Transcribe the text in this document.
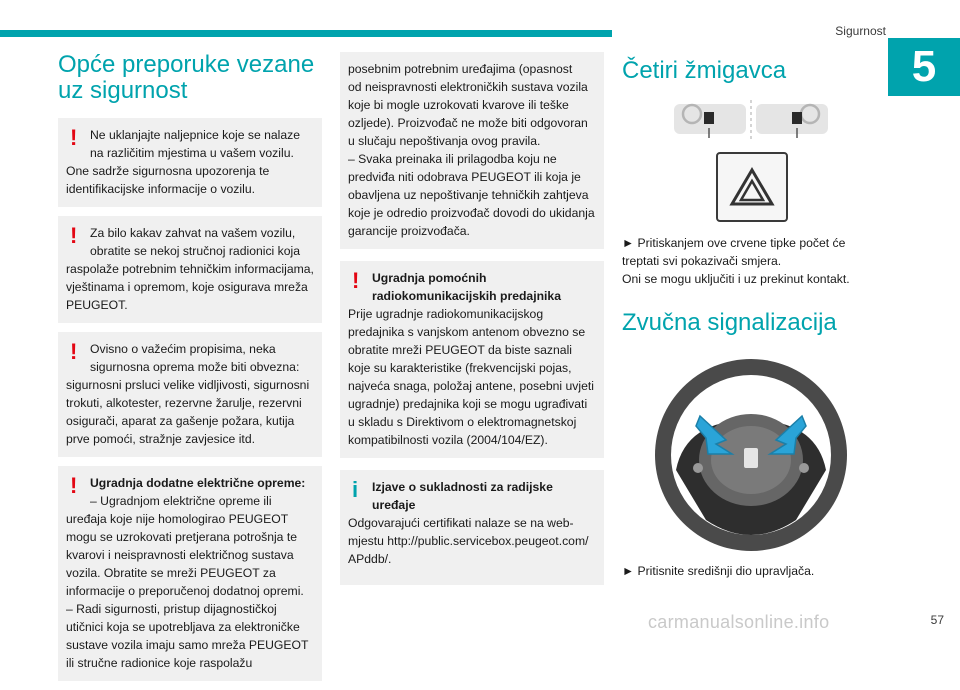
Sigurnost
5
Opće preporuke vezane
uz sigurnost
!	Ne uklanjajte naljepnice koje se nalaze
na različitim mjestima u vašem vozilu.
One sadrže sigurnosna upozorenja te
identifikacijske informacije o vozilu.
!	Za bilo kakav zahvat na vašem vozilu,
obratite se nekoj stručnoj radionici koja
raspolaže potrebnim tehničkim informacijama,
vještinama i opremom, koje osigurava mreža
PEUGEOT.
!	Ovisno o važećim propisima, neka
sigurnosna oprema može biti obvezna:
sigurnosni prsluci velike vidljivosti, sigurnosni
trokuti, alkotester, rezervne žarulje, rezervni
osigurači, aparat za gašenje požara, kutija
prve pomoći, stražnje zavjesice itd.
!	Ugradnja dodatne električne opreme:
– Ugradnjom električne opreme ili
uređaja koje nije homologirao PEUGEOT
mogu se uzrokovati pretjerana potrošnja te
kvarovi i neispravnosti električnog sustava
vozila. Obratite se mreži PEUGEOT za
informacije o preporučenoj dodatnoj opremi.
– Radi sigurnosti, pristup dijagnostičkoj
utičnici koja se upotrebljava za elektroničke
sustave vozila imaju samo mreža PEUGEOT
ili stručne radionice koje raspolažu
posebnim potrebnim uređajima (opasnost
od neispravnosti elektroničkih sustava vozila
koje bi mogle uzrokovati kvarove ili teške
ozljede). Proizvođač ne može biti odgovoran
u slučaju nepoštivanja ovog pravila.
– Svaka preinaka ili prilagodba koju ne
predviđa niti odobrava PEUGEOT ili koja je
obavljena uz nepoštivanje tehničkih zahtjeva
koje je odredio proizvođač dovodi do ukidanja
garancije proizvođača.
!	Ugradnja pomoćnih
radiokomunikacijskih predajnika
Prije ugradnje radiokomunikacijskog
predajnika s vanjskom antenom obvezno se
obratite mreži PEUGEOT da biste saznali
koje su karakteristike (frekvencijski pojas,
najveća snaga, položaj antene, posebni uvjeti
ugradnje) predajnika koji se mogu ugrađivati
u skladu s Direktivom o elektromagnetskoj
kompatibilnosti vozila (2004/104/EZ).
i	Izjave o sukladnosti za radijske
uređaje
Odgovarajući certifikati nalaze se na web-
mjestu http://public.servicebox.peugeot.com/
APddb/.
Četiri žmigavca

► Pritiskanjem ove crvene tipke počet će
treptati svi pokazivači smjera.
Oni se mogu uključiti i uz prekinut kontakt.

Zvučna signalizacija

► Pritisnite središnji dio upravljača.

carmanualsonline.info	57
